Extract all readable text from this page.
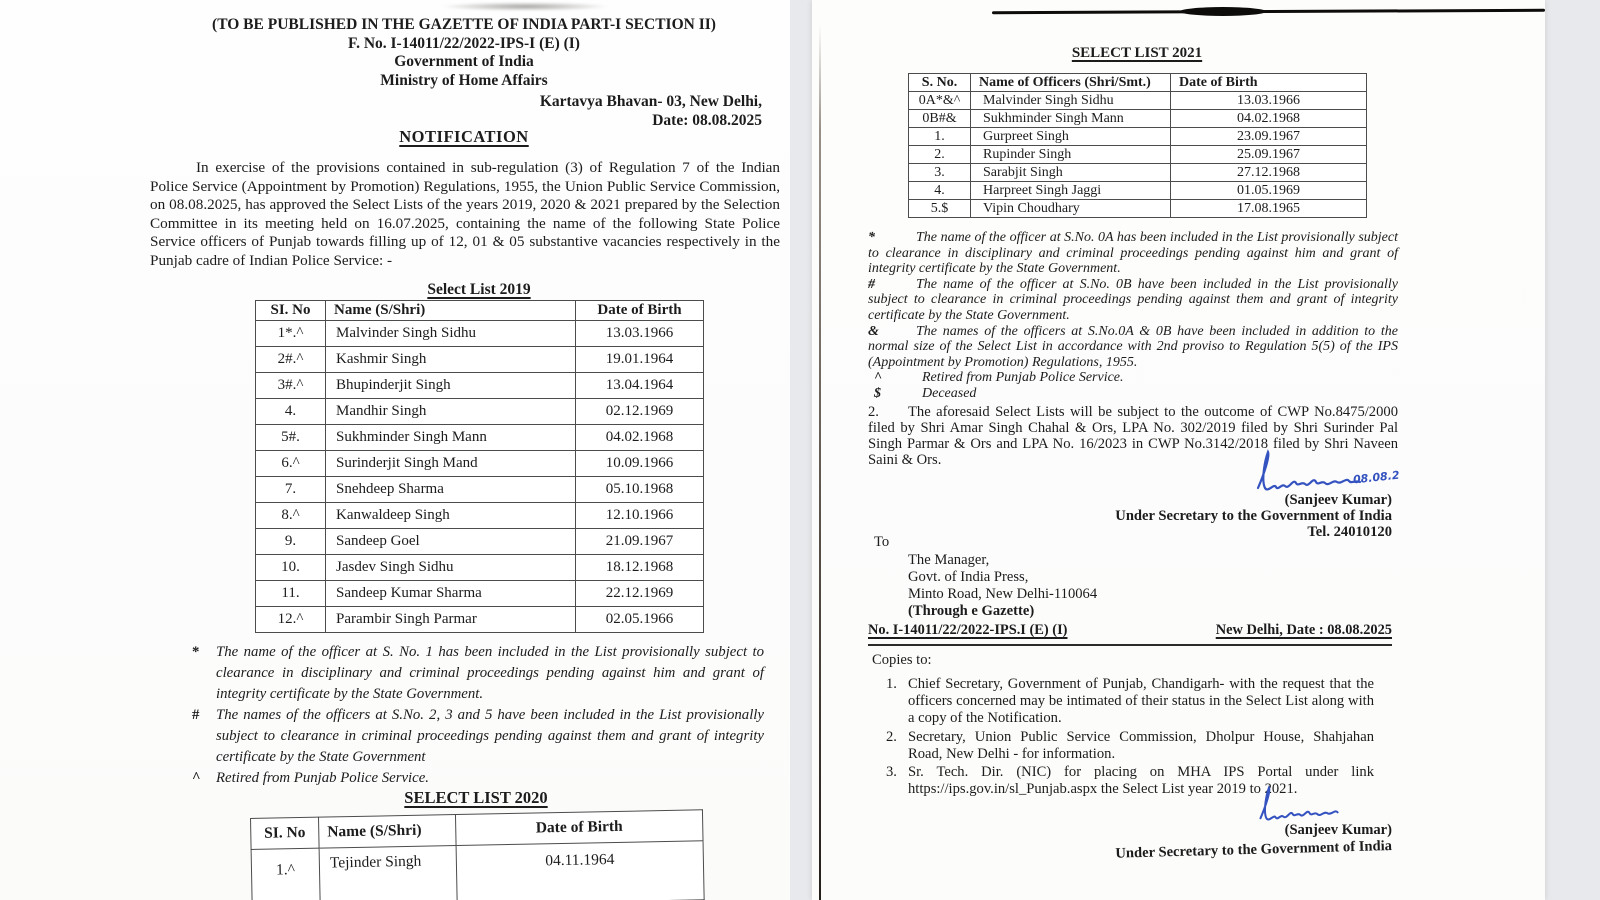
(TO BE PUBLISHED IN THE GAZETTE OF INDIA PART-I SECTION II)
F. No. I-14011/22/2022-IPS-I (E) (I)
Government of India
Ministry of Home Affairs
Kartavya Bhavan- 03, New Delhi,
Date: 08.08.2025
NOTIFICATION
In exercise of the provisions contained in sub-regulation (3) of Regulation 7 of the Indian Police Service (Appointment by Promotion) Regulations, 1955, the Union Public Service Commission, on 08.08.2025, has approved the Select Lists of the years 2019, 2020 & 2021 prepared by the Selection Committee in its meeting held on 16.07.2025, containing the name of the following State Police Service officers of Punjab towards filling up of 12, 01 & 05 substantive vacancies respectively in the Punjab cadre of Indian Police Service: -
Select List 2019
SI. No	Name (S/Shri)	Date of Birth
1*.^	Malvinder Singh Sidhu	13.03.1966
2#.^	Kashmir Singh	19.01.1964
3#.^	Bhupinderjit Singh	13.04.1964
4.	Mandhir Singh	02.12.1969
5#.	Sukhminder Singh Mann	04.02.1968
6.^	Surinderjit Singh Mand	10.09.1966
7.	Snehdeep Sharma	05.10.1968
8.^	Kanwaldeep Singh	12.10.1966
9.	Sandeep Goel	21.09.1967
10.	Jasdev Singh Sidhu	18.12.1968
11.	Sandeep Kumar Sharma	22.12.1969
12.^	Parambir Singh Parmar	02.05.1966
* The name of the officer at S. No. 1 has been included in the List provisionally subject to clearance in disciplinary and criminal proceedings pending against him and grant of integrity certificate by the State Government.
# The names of the officers at S.No. 2, 3 and 5 have been included in the List provisionally subject to clearance in criminal proceedings pending against them and grant of integrity certificate by the State Government
^ Retired from Punjab Police Service.
SELECT LIST 2020
SI. No	Name (S/Shri)	Date of Birth
1.^	Tejinder Singh	04.11.1964
SELECT LIST 2021
S. No.	Name of Officers (Shri/Smt.)	Date of Birth
0A*&^	Malvinder Singh Sidhu	13.03.1966
0B#&	Sukhminder Singh Mann	04.02.1968
1.	Gurpreet Singh	23.09.1967
2.	Rupinder Singh	25.09.1967
3.	Sarabjit Singh	27.12.1968
4.	Harpreet Singh Jaggi	01.05.1969
5.$	Vipin Choudhary	17.08.1965
*	The name of the officer at S.No. 0A has been included in the List provisionally subject to clearance in disciplinary and criminal proceedings pending against him and grant of integrity certificate by the State Government.
#	The name of the officer at S.No. 0B have been included in the List provisionally subject to clearance in criminal proceedings pending against them and grant of integrity certificate by the State Government.
&	The names of the officers at S.No.0A & 0B have been included in addition to the normal size of the Select List in accordance with 2nd proviso to Regulation 5(5) of the IPS (Appointment by Promotion) Regulations, 1955.
^	Retired from Punjab Police Service.
$	Deceased
2. The aforesaid Select Lists will be subject to the outcome of CWP No.8475/2000 filed by Shri Amar Singh Chahal & Ors, LPA No. 302/2019 filed by Shri Surinder Pal Singh Parmar & Ors and LPA No. 16/2023 in CWP No.3142/2018 filed by Shri Naveen Saini & Ors.
08.08.2
(Sanjeev Kumar)
Under Secretary to the Government of India
Tel. 24010120
To
The Manager,
Govt. of India Press,
Minto Road, New Delhi-110064
(Through e Gazette)
No. I-14011/22/2022-IPS.I (E) (I)	New Delhi, Date : 08.08.2025
Copies to:
1. Chief Secretary, Government of Punjab, Chandigarh- with the request that the officers concerned may be intimated of their status in the Select List along with a copy of the Notification.
2. Secretary, Union Public Service Commission, Dholpur House, Shahjahan Road, New Delhi - for information.
3. Sr. Tech. Dir. (NIC) for placing on MHA IPS Portal under link https://ips.gov.in/sl_Punjab.aspx the Select List year 2019 to 2021.
(Sanjeev Kumar)
Under Secretary to the Government of India
